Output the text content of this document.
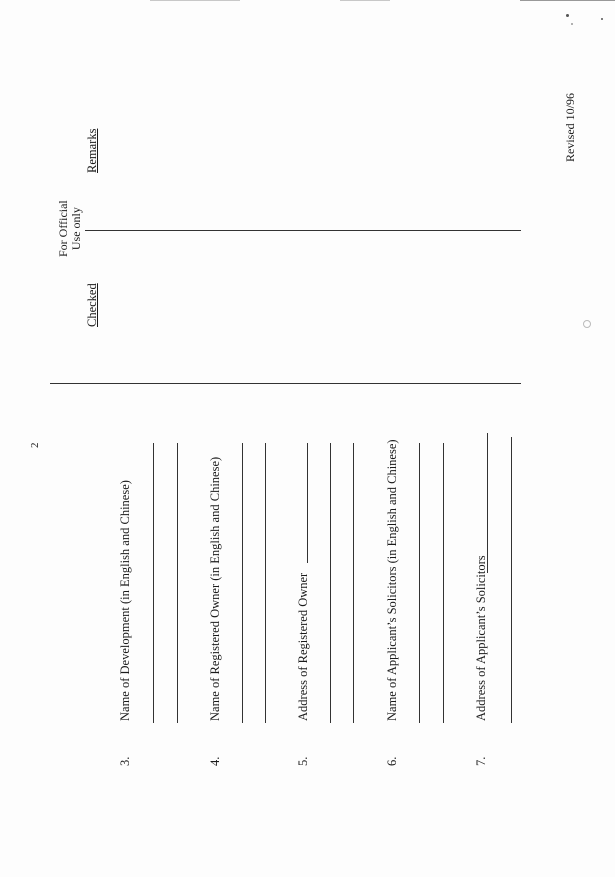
2
For Official Use only
Checked
Remarks	Revised 10/96
3.
Name of Development (in English and Chinese)
4.
Name of Registered Owner (in English and Chinese)
5.
Address of Registered Owner
6.
Name of Applicant’s Solicitors (in English and Chinese)
7.
Address of Applicant’s Solicitors
